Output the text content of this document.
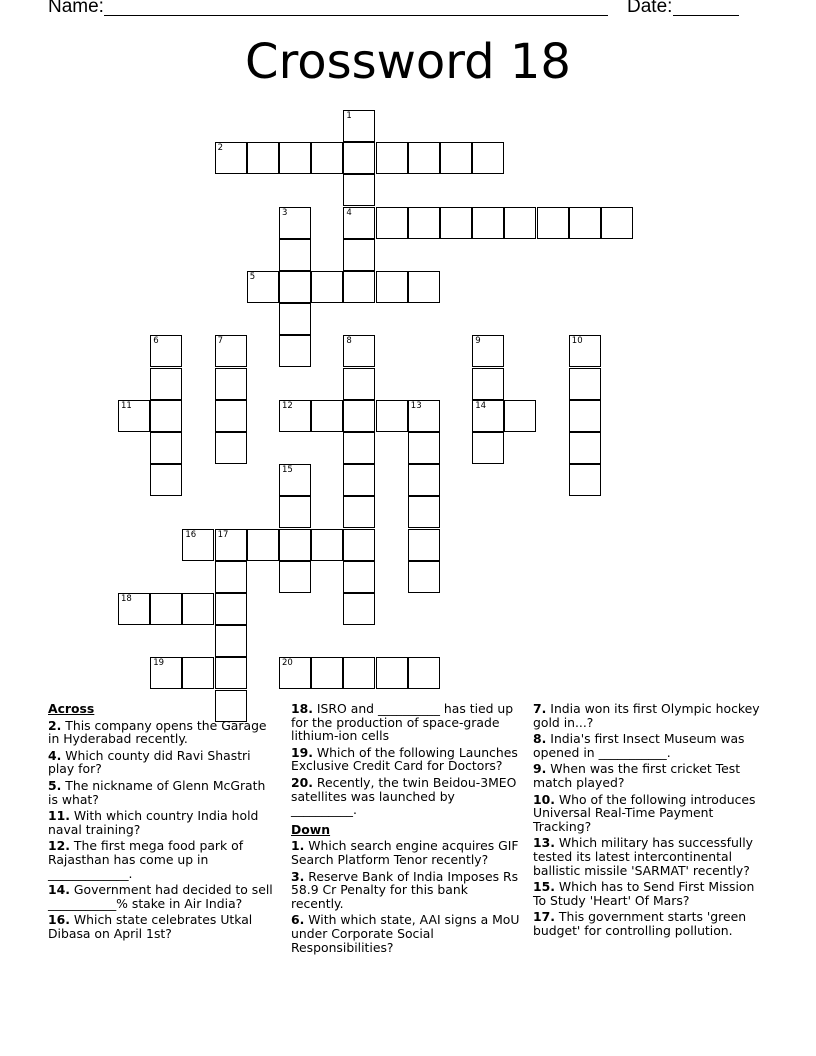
Name:	Date:
Crossword 18
1
4
2
3
5
6	7	8	9
14
10
11	12	13
15
16	17
18
19	20
Across
2. This company opens the Garage in Hyderabad recently.
4. Which county did Ravi Shastri play for?
5. The nickname of Glenn McGrath is what?
11. With which country India hold naval training?
12. The first mega food park of Rajasthan has come up in _____________.
14. Government had decided to sell ___________% stake in Air India?
16. Which state celebrates Utkal Dibasa on April 1st?
18. ISRO and __________ has tied up for the production of space-grade lithium-ion cells
19. Which of the following Launches Exclusive Credit Card for Doctors?
20. Recently, the twin Beidou-3MEO satellites was launched by __________.
Down
1. Which search engine acquires GIF Search Platform Tenor recently?
3. Reserve Bank of India Imposes Rs 58.9 Cr Penalty for this bank recently.
6. With which state, AAI signs a MoU under Corporate Social Responsibilities?
7. India won its first Olympic hockey gold in...?
8. India's first Insect Museum was opened in ___________.
9. When was the first cricket Test match played?
10. Who of the following introduces Universal Real-Time Payment Tracking?
13. Which military has successfully tested its latest intercontinental ballistic missile 'SARMAT' recently?
15. Which has to Send First Mission To Study 'Heart' Of Mars?
17. This government starts 'green budget' for controlling pollution.
